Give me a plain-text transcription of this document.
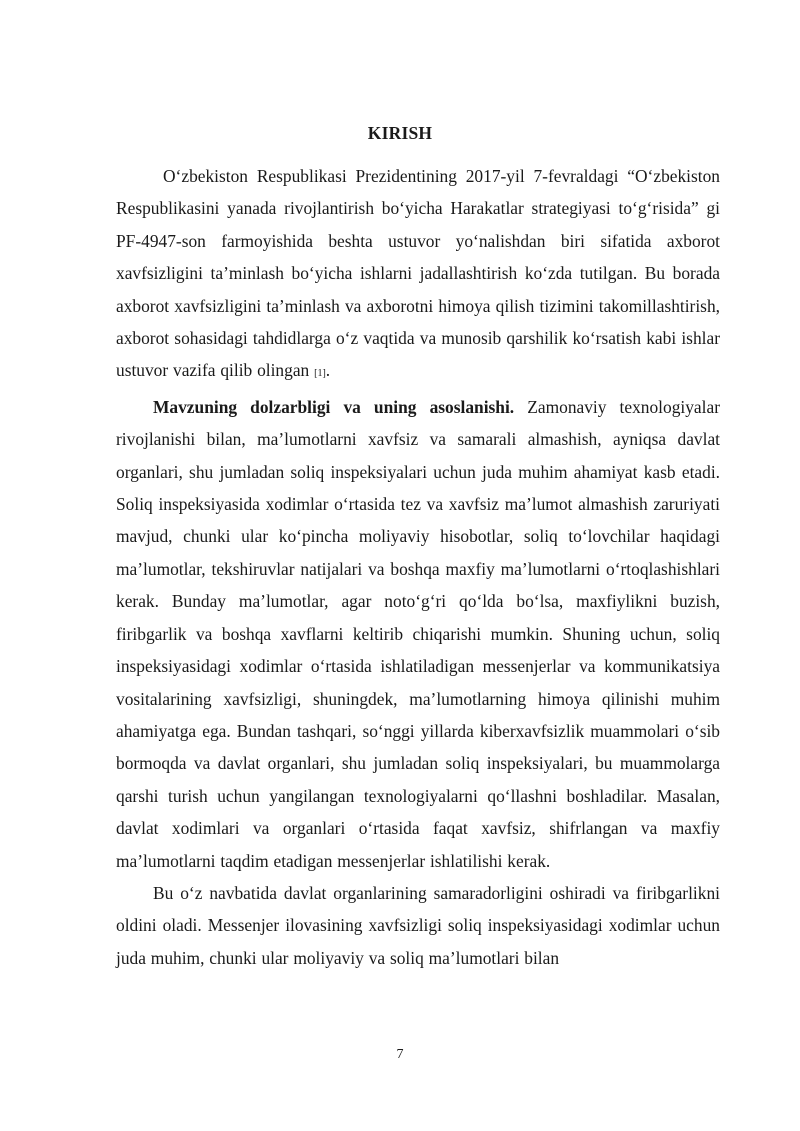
KIRISH

O‘zbekiston Respublikasi Prezidentining 2017-yil 7-fevraldagi “O‘zbekiston Respublikasini yanada rivojlantirish bo‘yicha Harakatlar strategiyasi to‘g‘risida” gi PF-4947-son farmoyishida beshta ustuvor yo‘nalishdan biri sifatida axborot xavfsizligini ta’minlash bo‘yicha ishlarni jadallashtirish ko‘zda tutilgan. Bu borada axborot xavfsizligini ta’minlash va axborotni himoya qilish tizimini takomillashtirish, axborot sohasidagi tahdidlarga o‘z vaqtida va munosib qarshilik ko‘rsatish kabi ishlar ustuvor vazifa qilib olingan [1].

Mavzuning dolzarbligi va uning asoslanishi. Zamonaviy texnologiyalar rivojlanishi bilan, ma’lumotlarni xavfsiz va samarali almashish, ayniqsa davlat organlari, shu jumladan soliq inspeksiyalari uchun juda muhim ahamiyat kasb etadi. Soliq inspeksiyasida xodimlar o‘rtasida tez va xavfsiz ma’lumot almashish zaruriyati mavjud, chunki ular ko‘pincha moliyaviy hisobotlar, soliq to‘lovchilar haqidagi ma’lumotlar, tekshiruvlar natijalari va boshqa maxfiy ma’lumotlarni o‘rtoqlashishlari kerak. Bunday ma’lumotlar, agar noto‘g‘ri qo‘lda bo‘lsa, maxfiylikni buzish, firibgarlik va boshqa xavflarni keltirib chiqarishi mumkin. Shuning uchun, soliq inspeksiyasidagi xodimlar o‘rtasida ishlatiladigan messenjerlar va kommunikatsiya vositalarining xavfsizligi, shuningdek, ma’lumotlarning himoya qilinishi muhim ahamiyatga ega. Bundan tashqari, so‘nggi yillarda kiberxavfsizlik muammolari o‘sib bormoqda va davlat organlari, shu jumladan soliq inspeksiyalari, bu muammolarga qarshi turish uchun yangilangan texnologiyalarni qo‘llashni boshladilar. Masalan, davlat xodimlari va organlari o‘rtasida faqat xavfsiz, shifrlangan va maxfiy ma’lumotlarni taqdim etadigan messenjerlar ishlatilishi kerak.

Bu o‘z navbatida davlat organlarining samaradorligini oshiradi va firibgarlikni oldini oladi. Messenjer ilovasining xavfsizligi soliq inspeksiyasidagi xodimlar uchun juda muhim, chunki ular moliyaviy va soliq ma’lumotlari bilan

7
